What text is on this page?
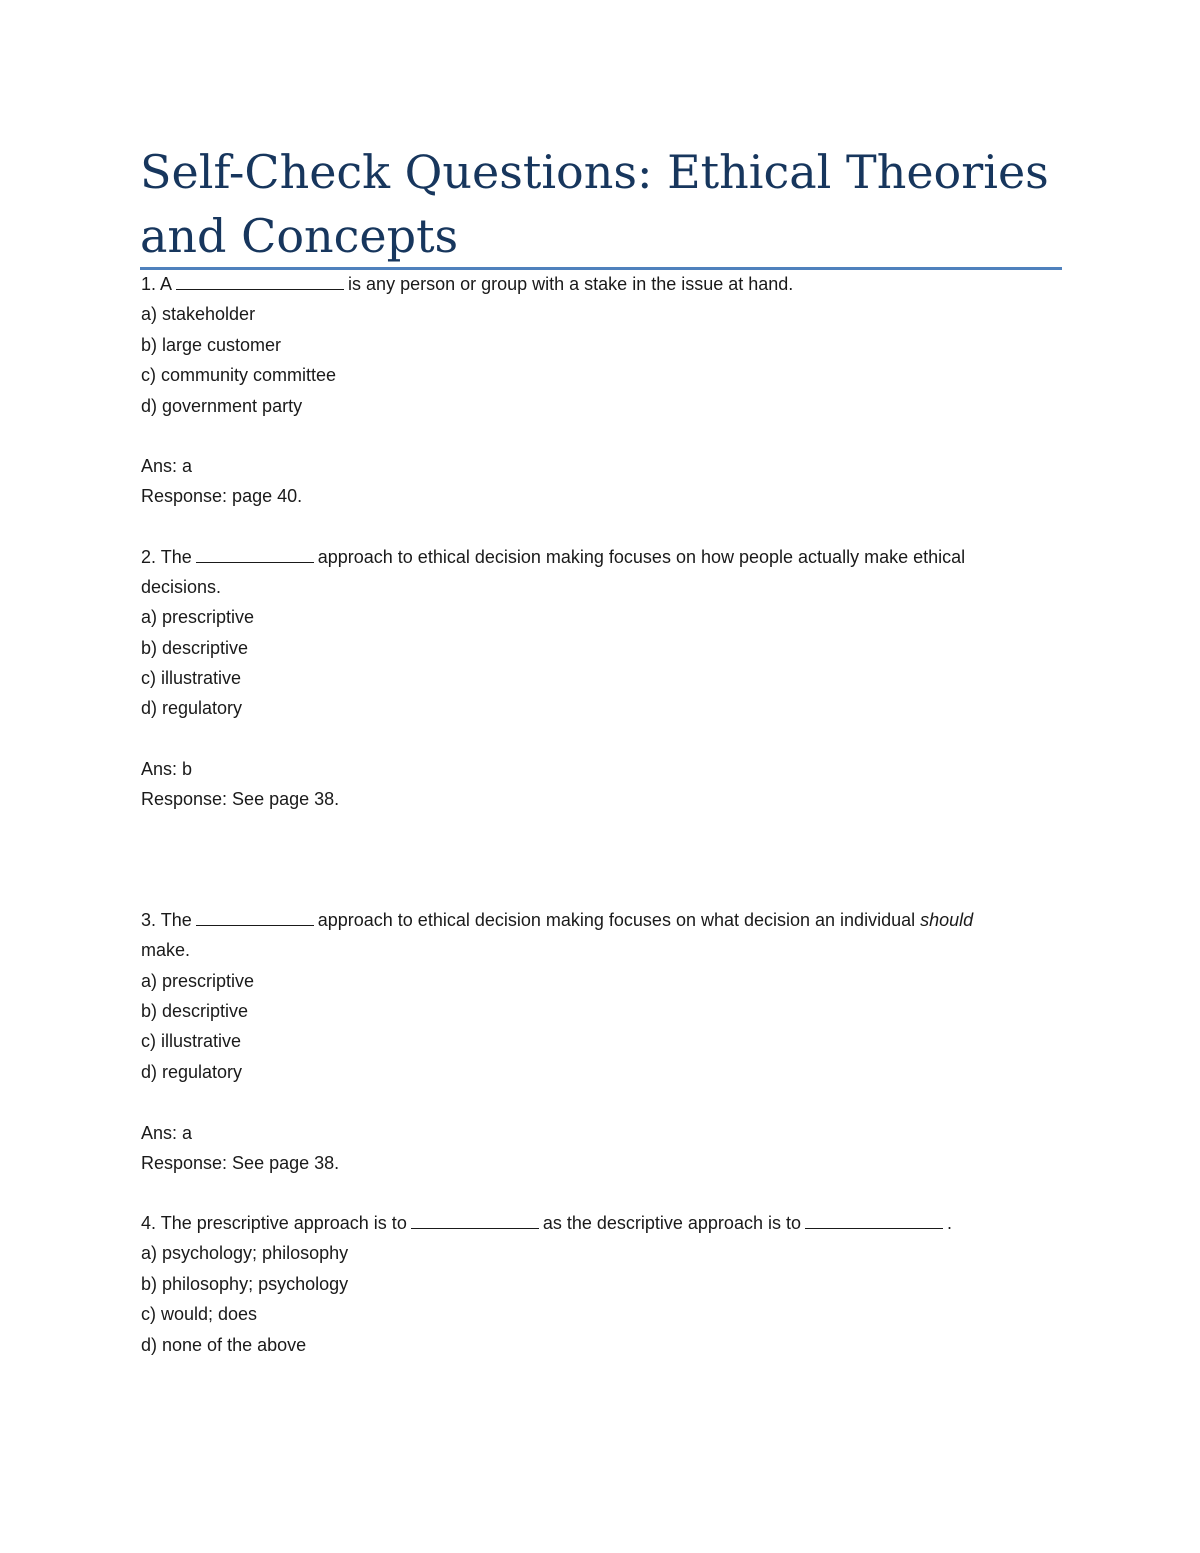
Self-Check Questions: Ethical Theories and Concepts

1. A	is any person or group with a stake in the issue at hand.

a) stakeholder

b) large customer

c) community committee

d) government party

Ans: a

Response: page 40.

2. The	approach to ethical decision making focuses on how people actually make ethical

decisions.

a) prescriptive

b) descriptive

c) illustrative

d) regulatory

Ans: b

Response: See page 38.

3. The	approach to ethical decision making focuses on what decision an individual should

make.

a) prescriptive

b) descriptive

c) illustrative

d) regulatory

Ans: a

Response: See page 38.

4. The prescriptive approach is to	as the descriptive approach is to	.

a) psychology; philosophy

b) philosophy; psychology

c) would; does

d) none of the above
